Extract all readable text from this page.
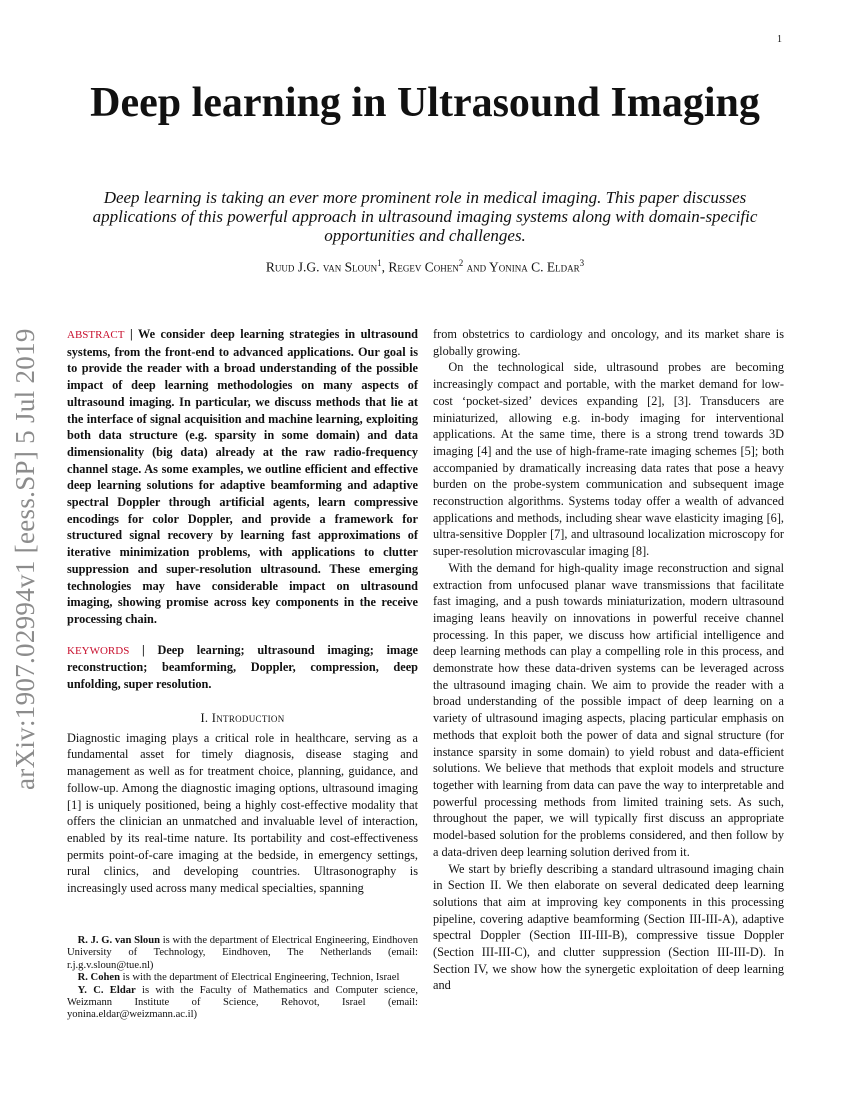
1
arXiv:1907.02994v1 [eess.SP] 5 Jul 2019
Deep learning in Ultrasound Imaging

Deep learning is taking an ever more prominent role in medical imaging. This paper discusses applications of this powerful approach in ultrasound imaging systems along with domain-specific opportunities and challenges.

Ruud J.G. van Sloun$^1$, Regev Cohen$^2$ and Yonina C. Eldar$^3$

ABSTRACT | We consider deep learning strategies in ultrasound systems, from the front-end to advanced applications. Our goal is to provide the reader with a broad understanding of the possible impact of deep learning methodologies on many aspects of ultrasound imaging. In particular, we discuss methods that lie at the interface of signal acquisition and machine learning, exploiting both data structure (e.g. sparsity in some domain) and data dimensionality (big data) already at the raw radio-frequency channel stage. As some examples, we outline efficient and effective deep learning solutions for adaptive beamforming and adaptive spectral Doppler through artificial agents, learn compressive encodings for color Doppler, and provide a framework for structured signal recovery by learning fast approximations of iterative minimization problems, with applications to clutter suppression and super-resolution ultrasound. These emerging technologies may have considerable impact on ultrasound imaging, showing promise across key components in the receive processing chain.

KEYWORDS | Deep learning; ultrasound imaging; image reconstruction; beamforming, Doppler, compression, deep unfolding, super resolution.

I. Introduction

Diagnostic imaging plays a critical role in healthcare, serving as a fundamental asset for timely diagnosis, disease staging and management as well as for treatment choice, planning, guidance, and follow-up. Among the diagnostic imaging options, ultrasound imaging [1] is uniquely positioned, being a highly cost-effective modality that offers the clinician an unmatched and invaluable level of interaction, enabled by its real-time nature. Its portability and cost-effectiveness permits point-of-care imaging at the bedside, in emergency settings, rural clinics, and developing countries. Ultrasonography is increasingly used across many medical specialties, spanning

R. J. G. van Sloun is with the department of Electrical Engineering, Eindhoven University of Technology, Eindhoven, The Netherlands (email: r.j.g.v.sloun@tue.nl)

R. Cohen is with the department of Electrical Engineering, Technion, Israel

Y. C. Eldar is with the Faculty of Mathematics and Computer science, Weizmann Institute of Science, Rehovot, Israel (email: yonina.eldar@weizmann.ac.il)

from obstetrics to cardiology and oncology, and its market share is globally growing.

On the technological side, ultrasound probes are becoming increasingly compact and portable, with the market demand for low-cost ‘pocket-sized’ devices expanding [2], [3]. Transducers are miniaturized, allowing e.g. in-body imaging for interventional applications. At the same time, there is a strong trend towards 3D imaging [4] and the use of high-frame-rate imaging schemes [5]; both accompanied by dramatically increasing data rates that pose a heavy burden on the probe-system communication and subsequent image reconstruction algorithms. Systems today offer a wealth of advanced applications and methods, including shear wave elasticity imaging [6], ultra-sensitive Doppler [7], and ultrasound localization microscopy for super-resolution microvascular imaging [8].

With the demand for high-quality image reconstruction and signal extraction from unfocused planar wave transmissions that facilitate fast imaging, and a push towards miniaturization, modern ultrasound imaging leans heavily on innovations in powerful receive channel processing. In this paper, we discuss how artificial intelligence and deep learning methods can play a compelling role in this process, and demonstrate how these data-driven systems can be leveraged across the ultrasound imaging chain. We aim to provide the reader with a broad understanding of the possible impact of deep learning on a variety of ultrasound imaging aspects, placing particular emphasis on methods that exploit both the power of data and signal structure (for instance sparsity in some domain) to yield robust and data-efficient solutions. We believe that methods that exploit models and structure together with learning from data can pave the way to interpretable and powerful processing methods from limited training sets. As such, throughout the paper, we will typically first discuss an appropriate model-based solution for the problems considered, and then follow by a data-driven deep learning solution derived from it.

We start by briefly describing a standard ultrasound imaging chain in Section II. We then elaborate on several dedicated deep learning solutions that aim at improving key components in this processing pipeline, covering adaptive beamforming (Section III-III-A), adaptive spectral Doppler (Section III-III-B), compressive tissue Doppler (Section III-III-C), and clutter suppression (Section III-III-D). In Section IV, we show how the synergetic exploitation of deep learning and
